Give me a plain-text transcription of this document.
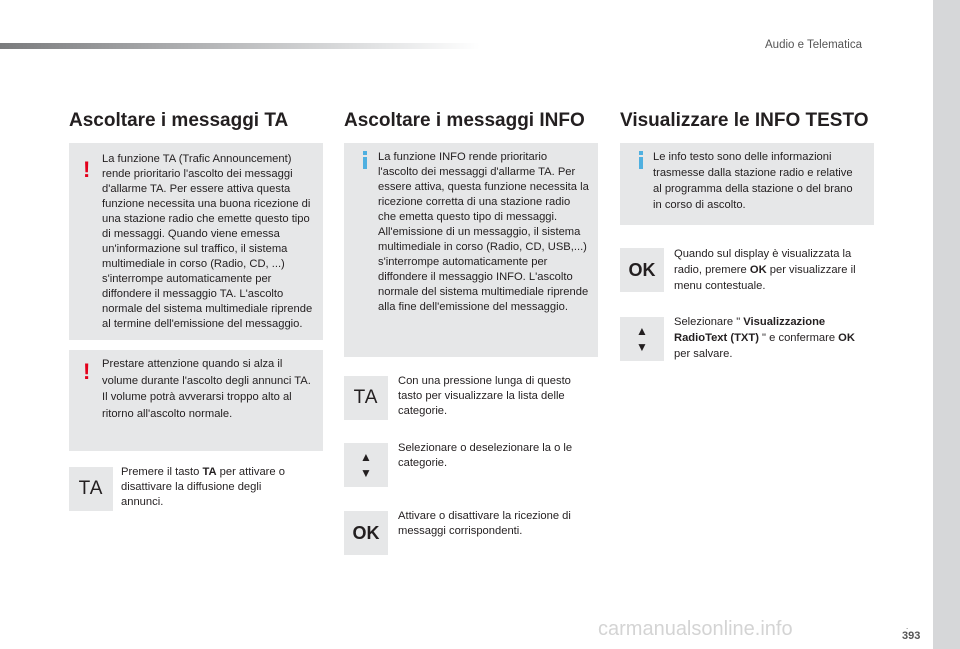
Audio e Telematica
Ascoltare i messaggi TA
! La funzione TA (Trafic Announcement) rende prioritario l'ascolto dei messaggi d'allarme TA. Per essere attiva questa funzione necessita una buona ricezione di una stazione radio che emette questo tipo di messaggi. Quando viene emessa un'informazione sul traffico, il sistema multimediale in corso (Radio, CD, ...) s'interrompe automaticamente per diffondere il messaggio TA. L'ascolto normale del sistema multimediale riprende al termine dell'emissione del messaggio.

! Prestare attenzione quando si alza il volume durante l'ascolto degli annunci TA. Il volume potrà avverarsi troppo alto al ritorno all'ascolto normale.

TA

Premere il tasto TA per attivare o disattivare la diffusione degli annunci.

Ascoltare i messaggi INFO

La funzione INFO rende prioritario l'ascolto dei messaggi d'allarme TA. Per essere attiva, questa funzione necessita la ricezione corretta di una stazione radio che emetta questo tipo di messaggi. All'emissione di un messaggio, il sistema multimediale in corso (Radio, CD, USB,...) s'interrompe automaticamente per diffondere il messaggio INFO. L'ascolto normale del sistema multimediale riprende alla fine dell'emissione del messaggio.

TA

Con una pressione lunga di questo tasto per visualizzare la lista delle categorie.

▲
▼

Selezionare o deselezionare la o le categorie.

OK

Attivare o disattivare la ricezione di messaggi corrispondenti.

Visualizzare le INFO TESTO

Le info testo sono delle informazioni trasmesse dalla stazione radio e relative al programma della stazione o del brano in corso di ascolto.

OK

Quando sul display è visualizzata la radio, premere OK per visualizzare il menu contestuale.

▲
▼

Selezionare " Visualizzazione RadioText (TXT) " e confermare OK per salvare.

.
393
carmanualsonline.info
